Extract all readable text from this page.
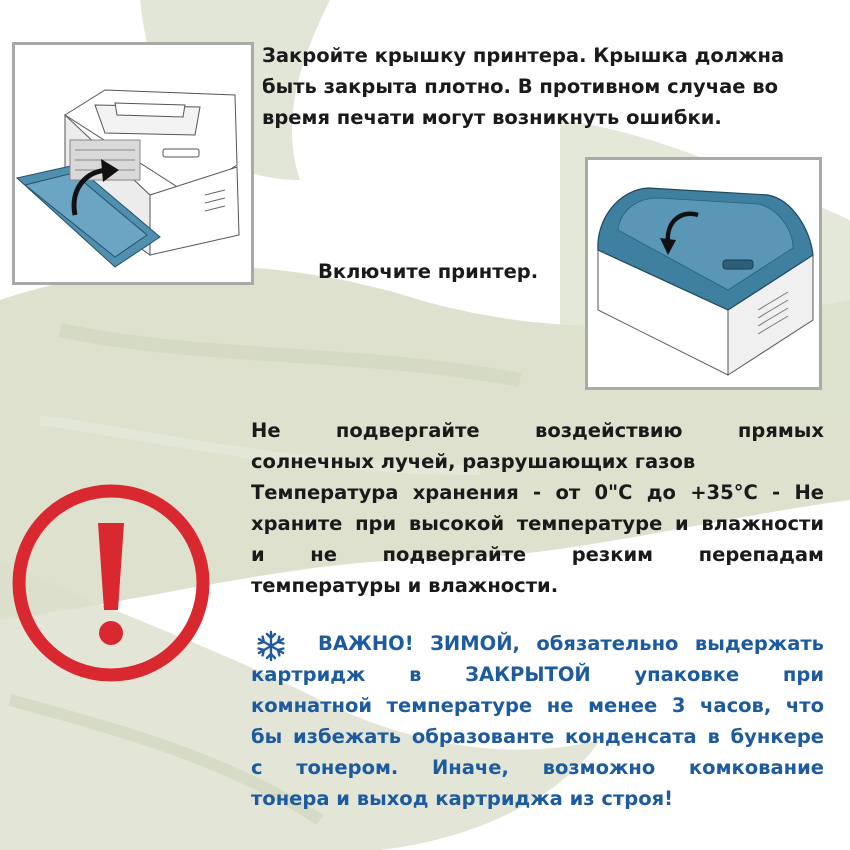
Закройте крышку принтера. Крышка должна
быть закрыта плотно. В противном случае во
время печати могут возникнуть ошибки.
Включите принтер.
Не подвергайте воздействию прямых
солнечных лучей, разрушающих газов
Температура хранения - от 0"С до +35°С - Не
храните при высокой температуре и влажности
и не подвергайте резким перепадам
температуры и влажности.
ВАЖНО! ЗИМОЙ, обязательно выдержать
картридж в ЗАКРЫТОЙ упаковке при
комнатной температуре не менее 3 часов, что
бы избежать образованте конденсата в бункере
с тонером. Иначе, возможно комкование
тонера и выход картриджа из строя!
